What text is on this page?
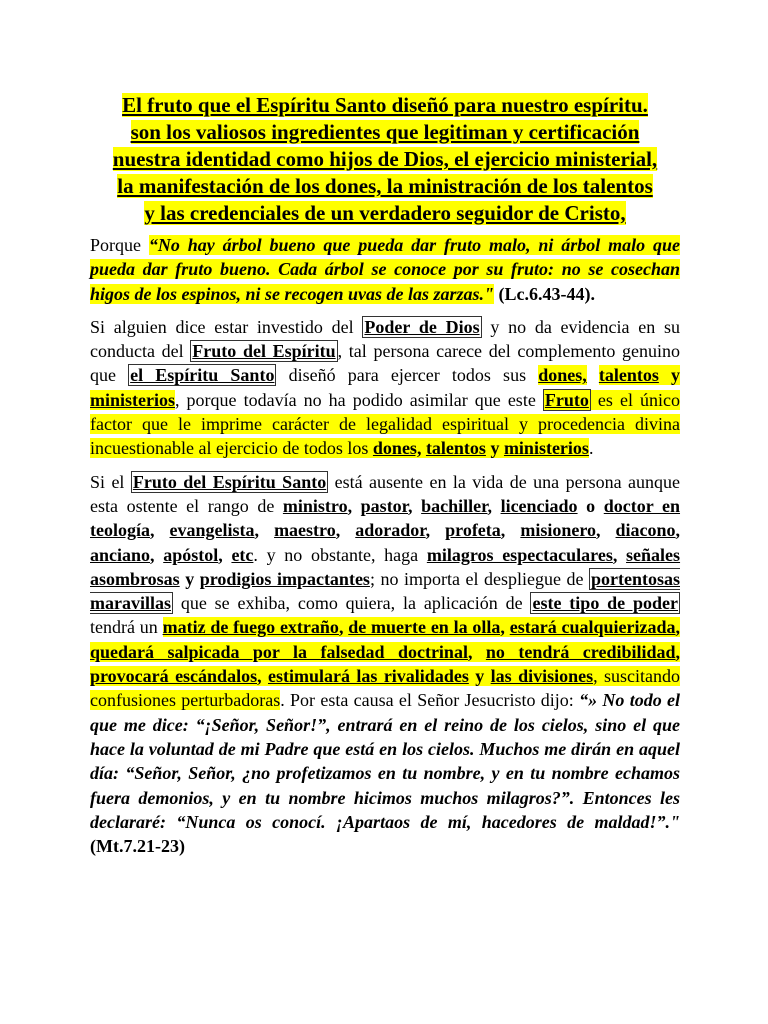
El fruto que el Espíritu Santo diseñó para nuestro espíritu.
son los valiosos ingredientes que legitiman y certificación
nuestra identidad como hijos de Dios, el ejercicio ministerial,
la manifestación de los dones, la ministración de los talentos
y las credenciales de un verdadero seguidor de Cristo,

Porque “No hay árbol bueno que pueda dar fruto malo, ni árbol malo que pueda dar fruto bueno. Cada árbol se conoce por su fruto: no se cosechan higos de los espinos, ni se recogen uvas de las zarzas." (Lc.6.43-44).

Si alguien dice estar investido del Poder de Dios y no da evidencia en su conducta del Fruto del Espíritu , tal persona carece del complemento genuino que el Espíritu Santo diseñó para ejercer todos sus dones, talentos y ministerios, porque todavía no ha podido asimilar que este Fruto es el único factor que le imprime carácter de legalidad espiritual y procedencia divina incuestionable al ejercicio de todos los dones, talentos y ministerios.

Si el Fruto del Espíritu Santo está ausente en la vida de una persona aunque esta ostente el rango de ministro, pastor, bachiller, licenciado o doctor en teología, evangelista, maestro, adorador, profeta, misionero, diacono, anciano, apóstol, etc. y no obstante, haga milagros espectaculares, señales asombrosas y prodigios impactantes; no importa el despliegue de portentosas maravillas que se exhiba, como quiera, la aplicación de este tipo de poder tendrá un matiz de fuego extraño, de muerte en la olla, estará cualquierizada, quedará salpicada por la falsedad doctrinal, no tendrá credibilidad, provocará escándalos, estimulará las rivalidades y las divisiones, suscitando confusiones perturbadoras. Por esta causa el Señor Jesucristo dijo: “» No todo el que me dice: “¡Señor, Señor!”, entrará en el reino de los cielos, sino el que hace la voluntad de mi Padre que está en los cielos. Muchos me dirán en aquel día: “Señor, Señor, ¿no profetizamos en tu nombre, y en tu nombre echamos fuera demonios, y en tu nombre hicimos muchos milagros?”. Entonces les declararé: “Nunca os conocí. ¡Apartaos de mí, hacedores de maldad!”."(Mt.7.21-23)
